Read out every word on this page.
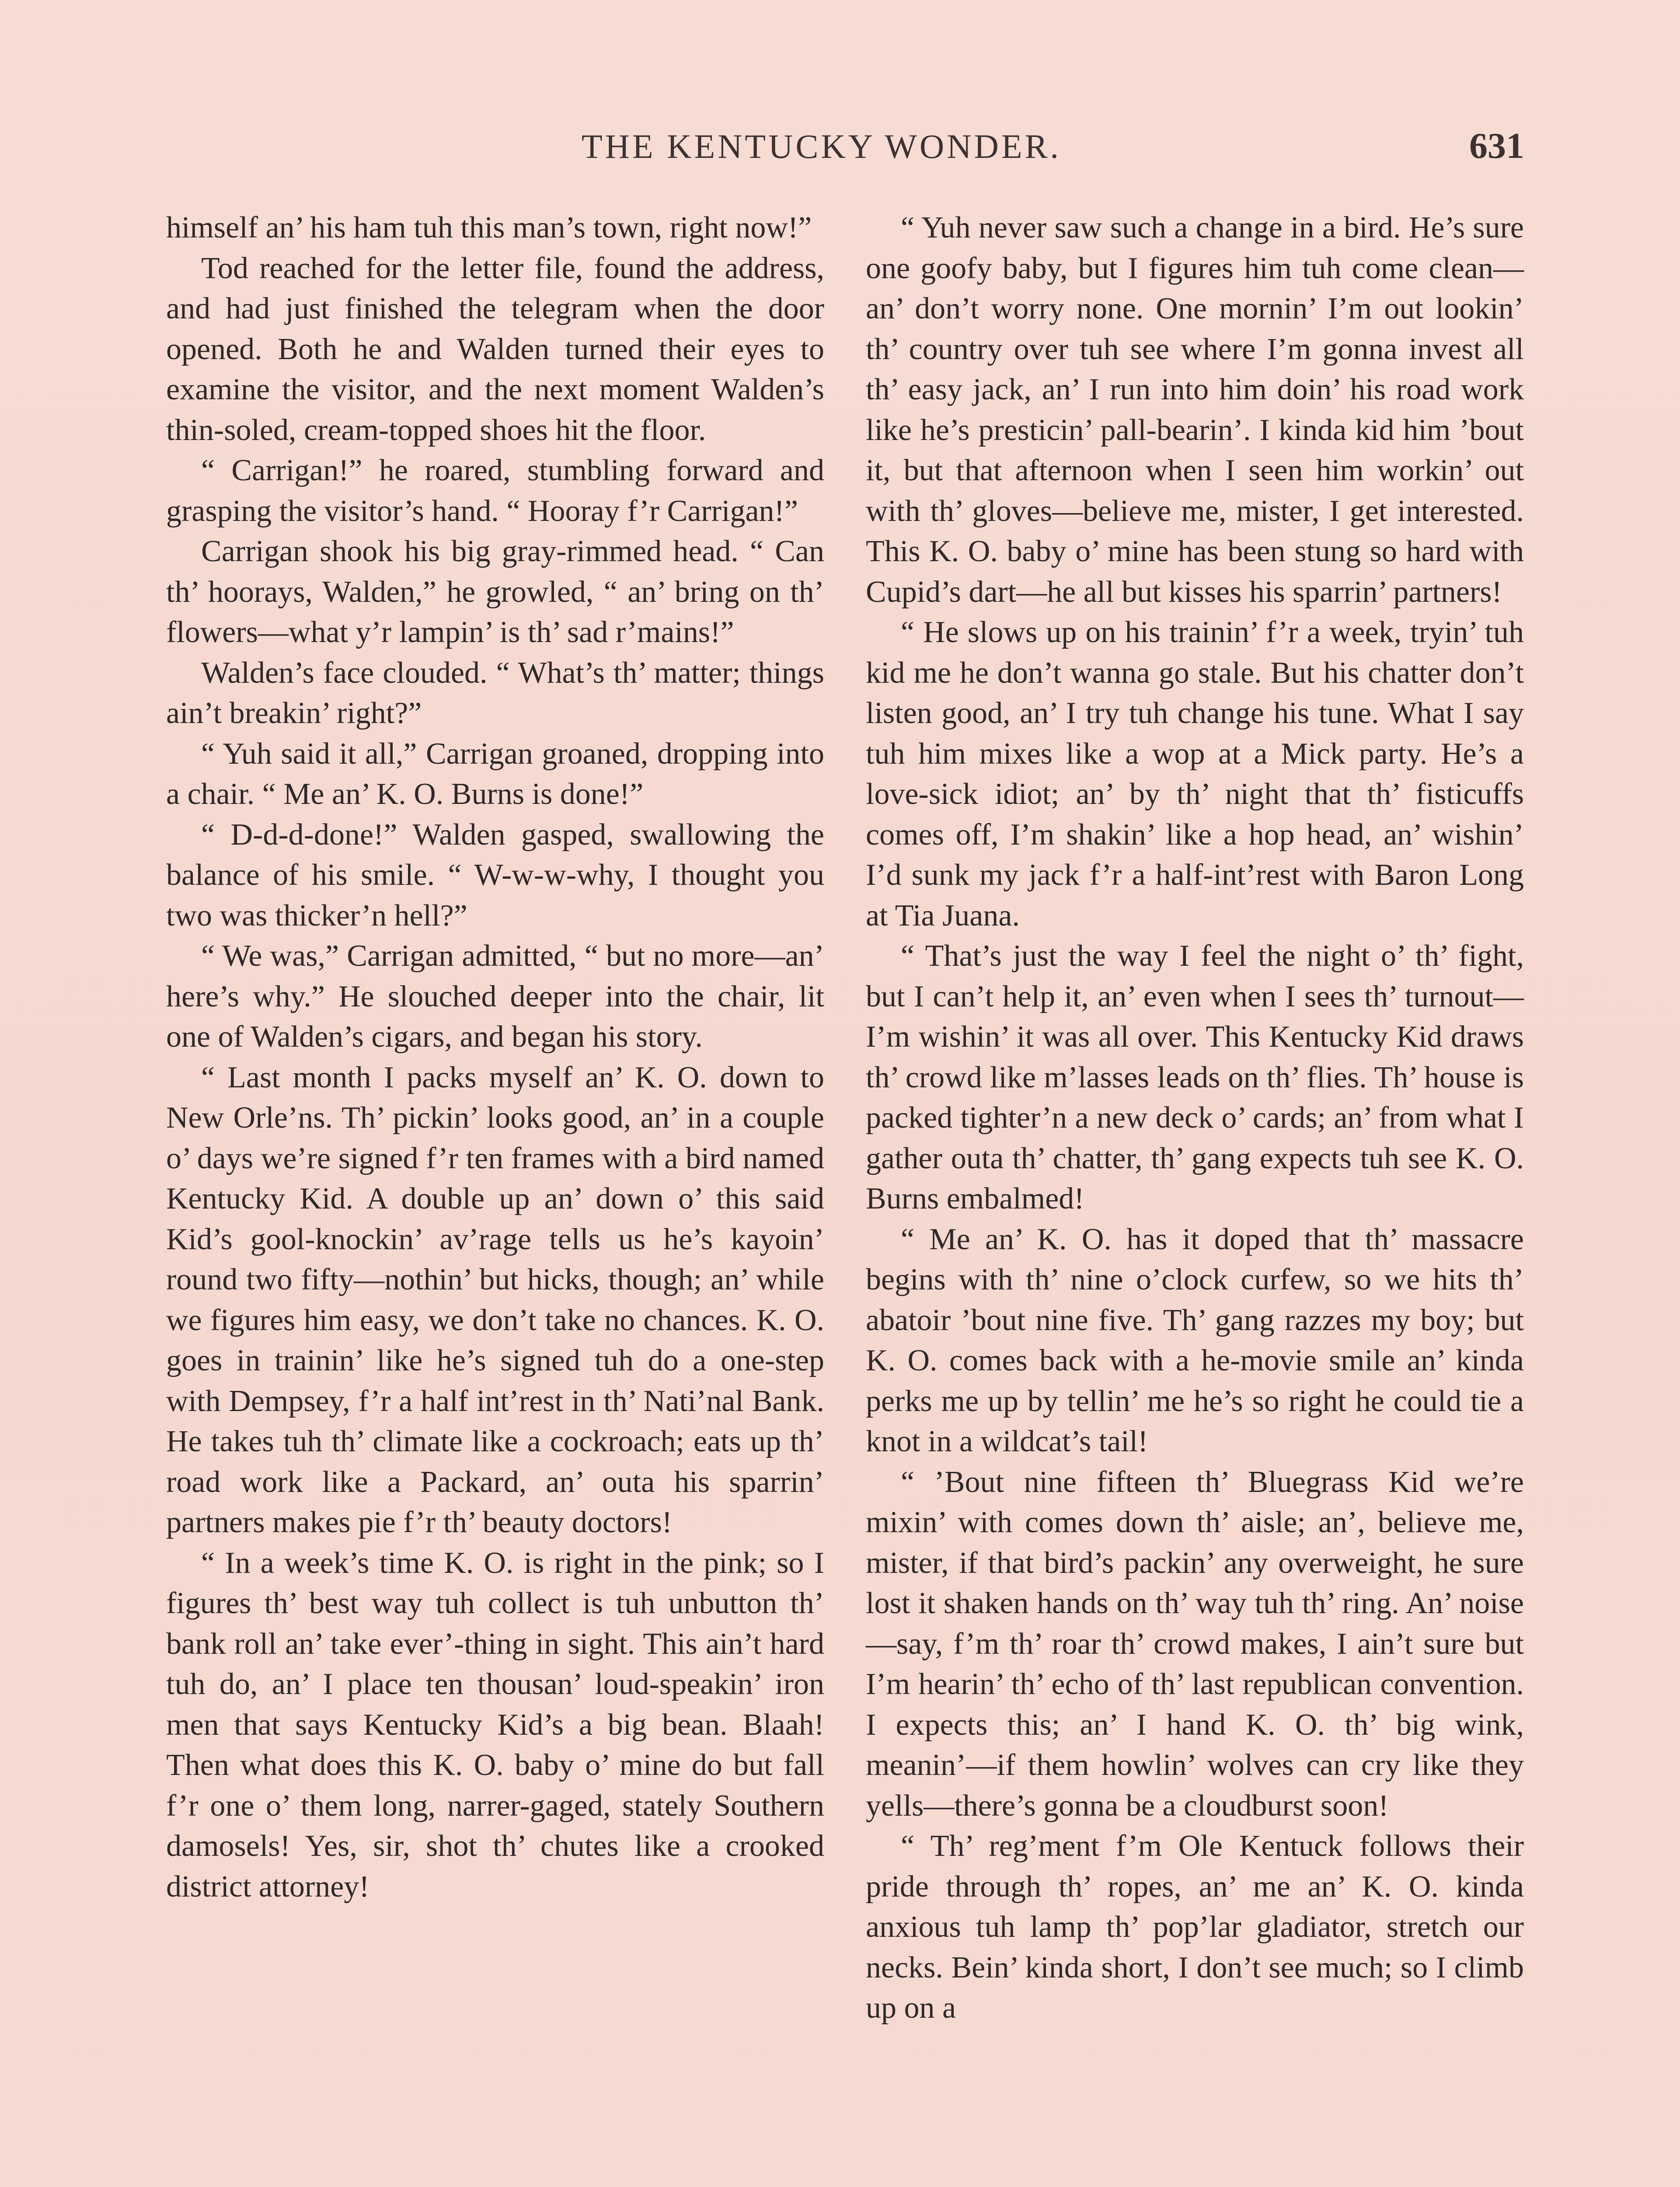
THE KENTUCKY WONDER.	631

himself an’ his ham tuh this man’s town, right now!”

Tod reached for the letter file, found the address, and had just finished the telegram when the door opened. Both he and Walden turned their eyes to examine the visitor, and the next moment Walden’s thin-soled, cream-topped shoes hit the floor.

“ Carrigan!” he roared, stumbling forward and grasping the visitor’s hand. “ Hooray f’r Carrigan!”

Carrigan shook his big gray-rimmed head. “ Can th’ hoorays, Walden,” he growled, “ an’ bring on th’ flowers—what y’r lampin’ is th’ sad r’mains!”

Walden’s face clouded. “ What’s th’ matter; things ain’t breakin’ right?”

“ Yuh said it all,” Carrigan groaned, dropping into a chair. “ Me an’ K. O. Burns is done!”

“ D-d-d-done!” Walden gasped, swallowing the balance of his smile. “ W-w-w-why, I thought you two was thicker’n hell?”

“ We was,” Carrigan admitted, “ but no more—an’ here’s why.” He slouched deeper into the chair, lit one of Walden’s cigars, and began his story.

“ Last month I packs myself an’ K. O. down to New Orle’ns. Th’ pickin’ looks good, an’ in a couple o’ days we’re signed f’r ten frames with a bird named Kentucky Kid. A double up an’ down o’ this said Kid’s gool-knockin’ av’rage tells us he’s kayoin’ round two fifty—nothin’ but hicks, though; an’ while we figures him easy, we don’t take no chances. K. O. goes in trainin’ like he’s signed tuh do a one-step with Dempsey, f’r a half int’rest in th’ Nati’nal Bank. He takes tuh th’ climate like a cockroach; eats up th’ road work like a Packard, an’ outa his sparrin’ partners makes pie f’r th’ beauty doctors!

“ In a week’s time K. O. is right in the pink; so I figures th’ best way tuh collect is tuh unbutton th’ bank roll an’ take ever’-thing in sight. This ain’t hard tuh do, an’ I place ten thousan’ loud-speakin’ iron men that says Kentucky Kid’s a big bean. Blaah! Then what does this K. O. baby o’ mine do but fall f’r one o’ them long, narrer-gaged, stately Southern damosels! Yes, sir, shot th’ chutes like a crooked district attorney!

“ Yuh never saw such a change in a bird. He’s sure one goofy baby, but I figures him tuh come clean—an’ don’t worry none. One mornin’ I’m out lookin’ th’ country over tuh see where I’m gonna invest all th’ easy jack, an’ I run into him doin’ his road work like he’s presticin’ pall-bearin’. I kinda kid him ’bout it, but that afternoon when I seen him workin’ out with th’ gloves—believe me, mister, I get interested. This K. O. baby o’ mine has been stung so hard with Cupid’s dart—he all but kisses his sparrin’ partners!

“ He slows up on his trainin’ f’r a week, tryin’ tuh kid me he don’t wanna go stale. But his chatter don’t listen good, an’ I try tuh change his tune. What I say tuh him mixes like a wop at a Mick party. He’s a love-sick idiot; an’ by th’ night that th’ fisticuffs comes off, I’m shakin’ like a hop head, an’ wishin’ I’d sunk my jack f’r a half-int’rest with Baron Long at Tia Juana.

“ That’s just the way I feel the night o’ th’ fight, but I can’t help it, an’ even when I sees th’ turnout—I’m wishin’ it was all over. This Kentucky Kid draws th’ crowd like m’lasses leads on th’ flies. Th’ house is packed tighter’n a new deck o’ cards; an’ from what I gather outa th’ chatter, th’ gang expects tuh see K. O. Burns embalmed!

“ Me an’ K. O. has it doped that th’ massacre begins with th’ nine o’clock curfew, so we hits th’ abatoir ’bout nine five. Th’ gang razzes my boy; but K. O. comes back with a he-movie smile an’ kinda perks me up by tellin’ me he’s so right he could tie a knot in a wildcat’s tail!

“ ’Bout nine fifteen th’ Bluegrass Kid we’re mixin’ with comes down th’ aisle; an’, believe me, mister, if that bird’s packin’ any overweight, he sure lost it shaken hands on th’ way tuh th’ ring. An’ noise—say, f’m th’ roar th’ crowd makes, I ain’t sure but I’m hearin’ th’ echo of th’ last republican convention. I expects this; an’ I hand K. O. th’ big wink, meanin’—if them howlin’ wolves can cry like they yells—there’s gonna be a cloudburst soon!

“ Th’ reg’ment f’m Ole Kentuck follows their pride through th’ ropes, an’ me an’ K. O. kinda anxious tuh lamp th’ pop’lar gladiator, stretch our necks. Bein’ kinda short, I don’t see much; so I climb up on a
